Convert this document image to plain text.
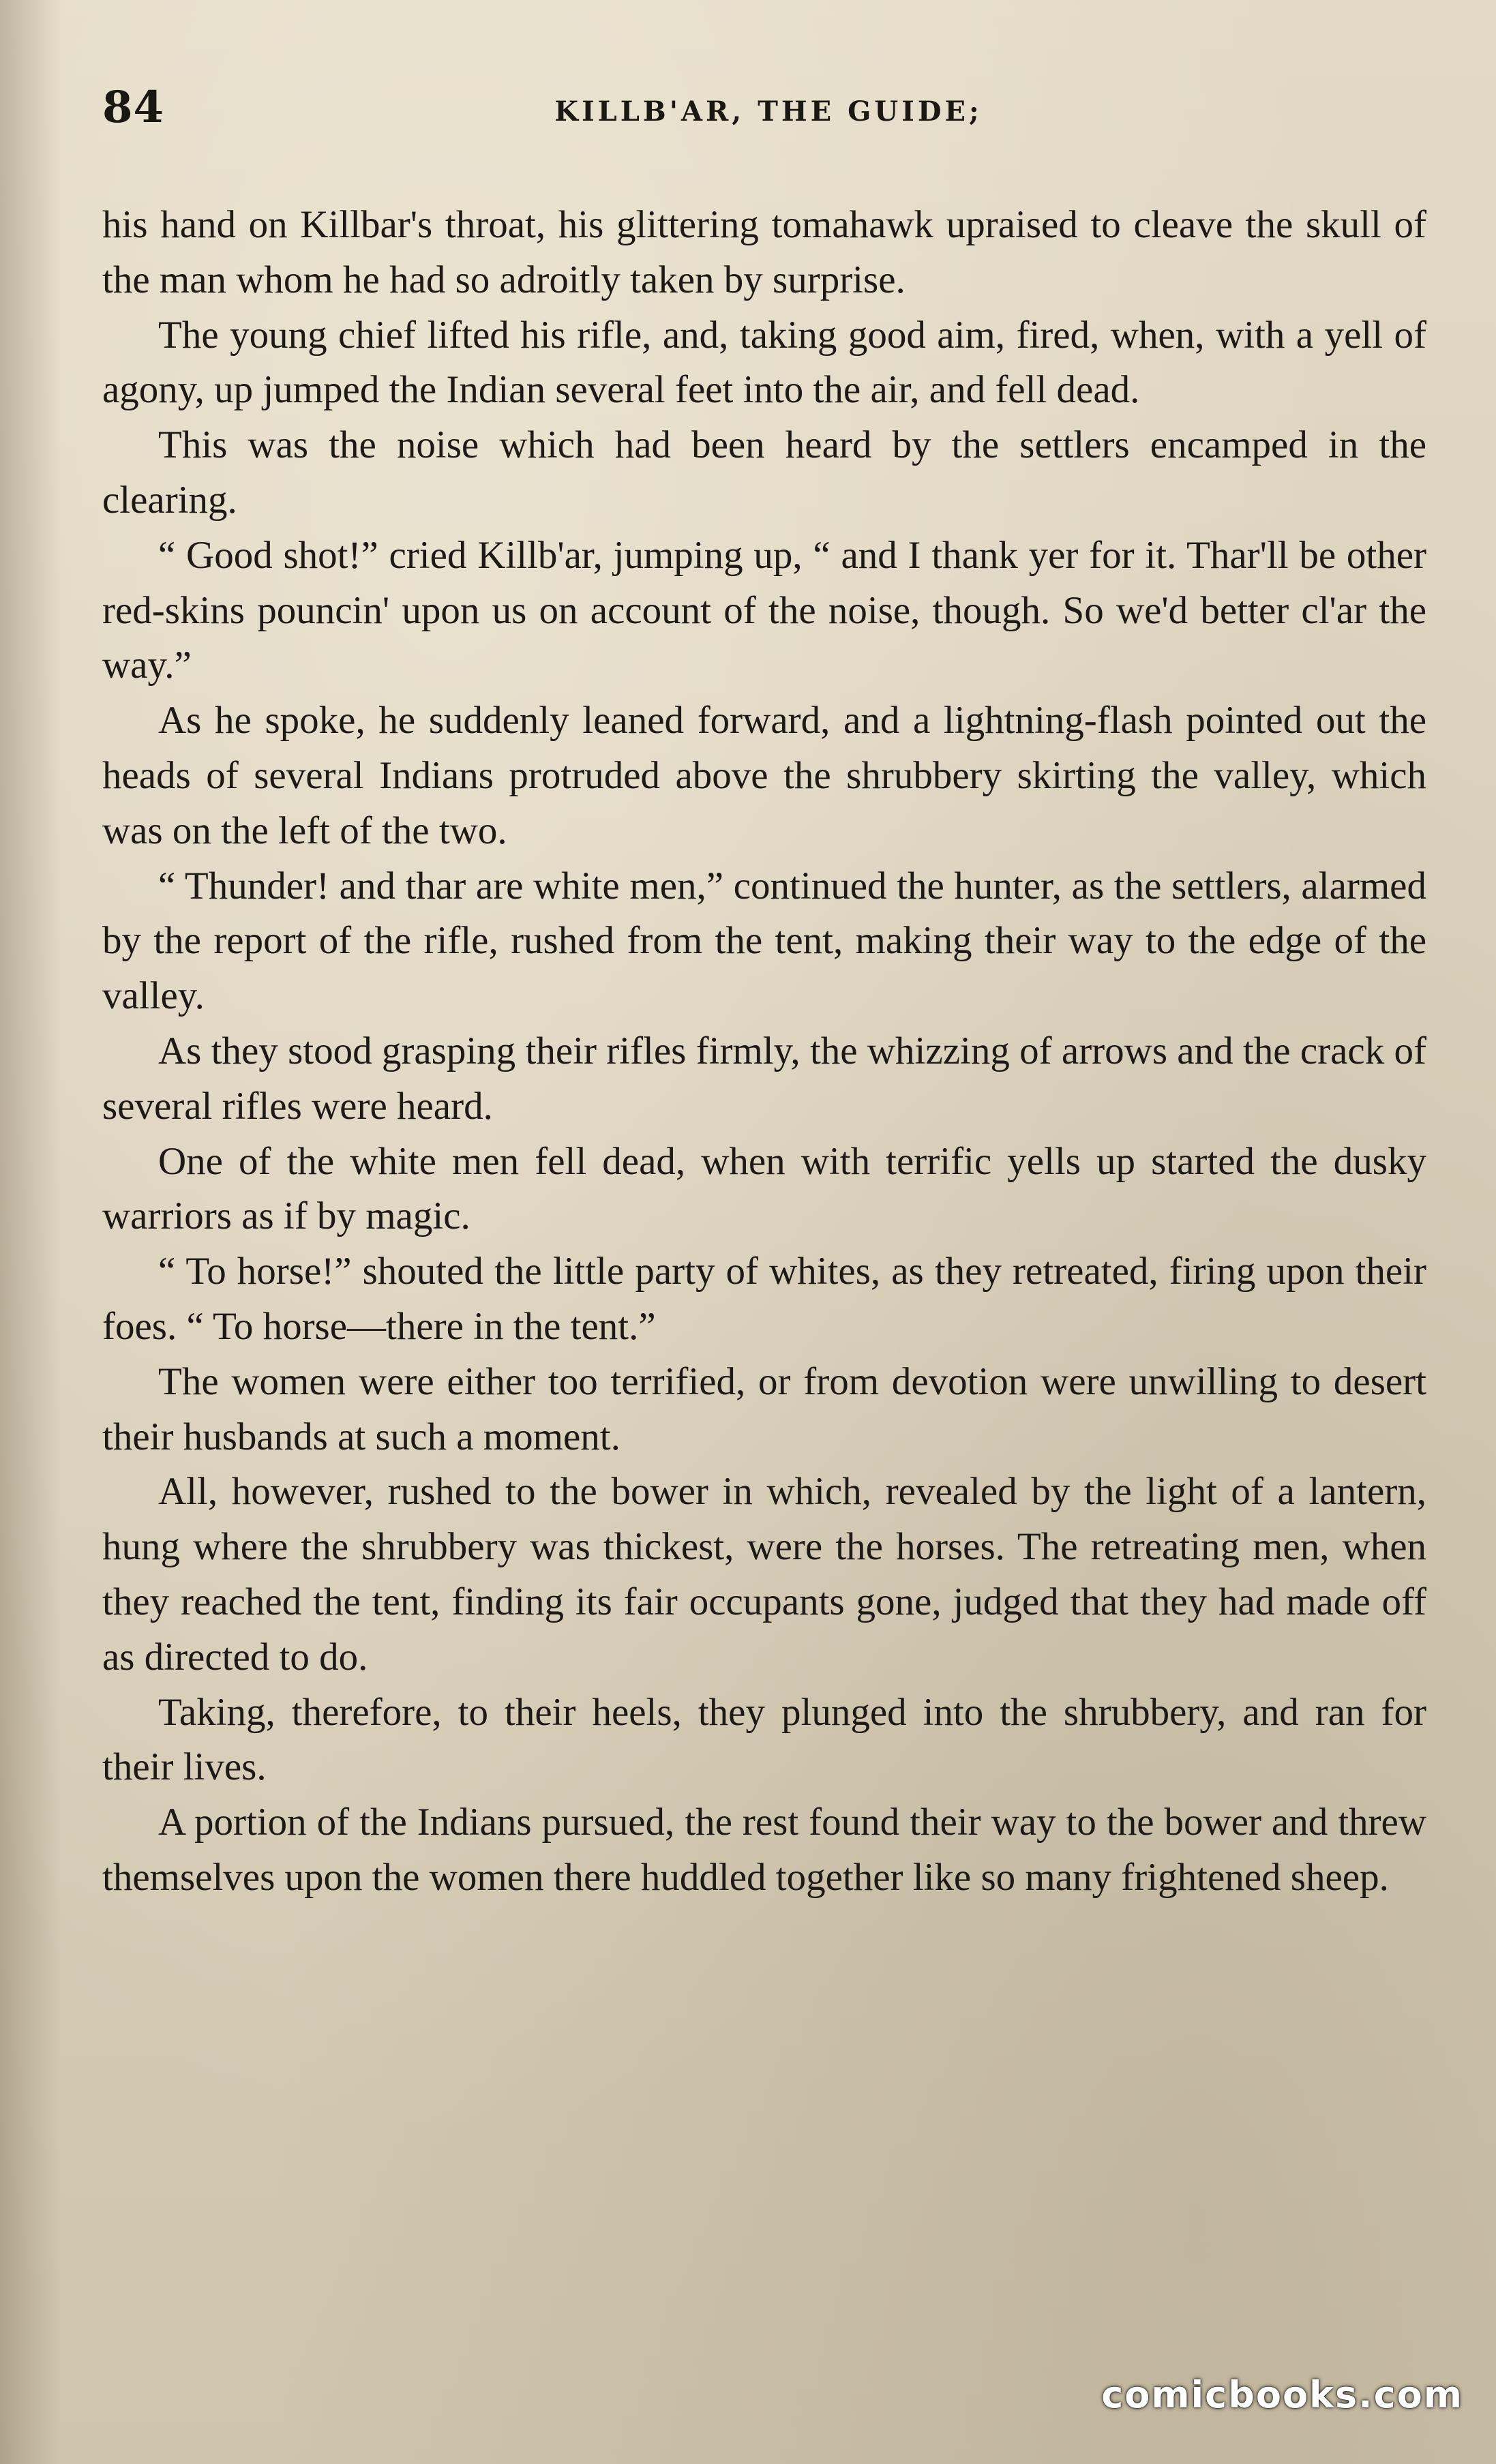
84	KILLB'AR, THE GUIDE;

his hand on Killbar's throat, his glittering tomahawk upraised to cleave the skull of the man whom he had so adroitly taken by surprise.

The young chief lifted his rifle, and, taking good aim, fired, when, with a yell of agony, up jumped the Indian several feet into the air, and fell dead.

This was the noise which had been heard by the settlers encamped in the clearing.

“ Good shot!” cried Killb'ar, jumping up, “ and I thank yer for it. Thar'll be other red-skins pouncin' upon us on account of the noise, though. So we'd better cl'ar the way.”

As he spoke, he suddenly leaned forward, and a lightning-flash pointed out the heads of several Indians protruded above the shrubbery skirting the valley, which was on the left of the two.

“ Thunder! and thar are white men,” continued the hunter, as the settlers, alarmed by the report of the rifle, rushed from the tent, making their way to the edge of the valley.

As they stood grasping their rifles firmly, the whizzing of arrows and the crack of several rifles were heard.

One of the white men fell dead, when with terrific yells up started the dusky warriors as if by magic.

“ To horse!” shouted the little party of whites, as they retreated, firing upon their foes. “ To horse—there in the tent.”

The women were either too terrified, or from devotion were unwilling to desert their husbands at such a moment.

All, however, rushed to the bower in which, revealed by the light of a lantern, hung where the shrubbery was thickest, were the horses. The retreating men, when they reached the tent, finding its fair occupants gone, judged that they had made off as directed to do.

Taking, therefore, to their heels, they plunged into the shrubbery, and ran for their lives.

A portion of the Indians pursued, the rest found their way to the bower and threw themselves upon the women there huddled together like so many frightened sheep.

comicbooks.com
